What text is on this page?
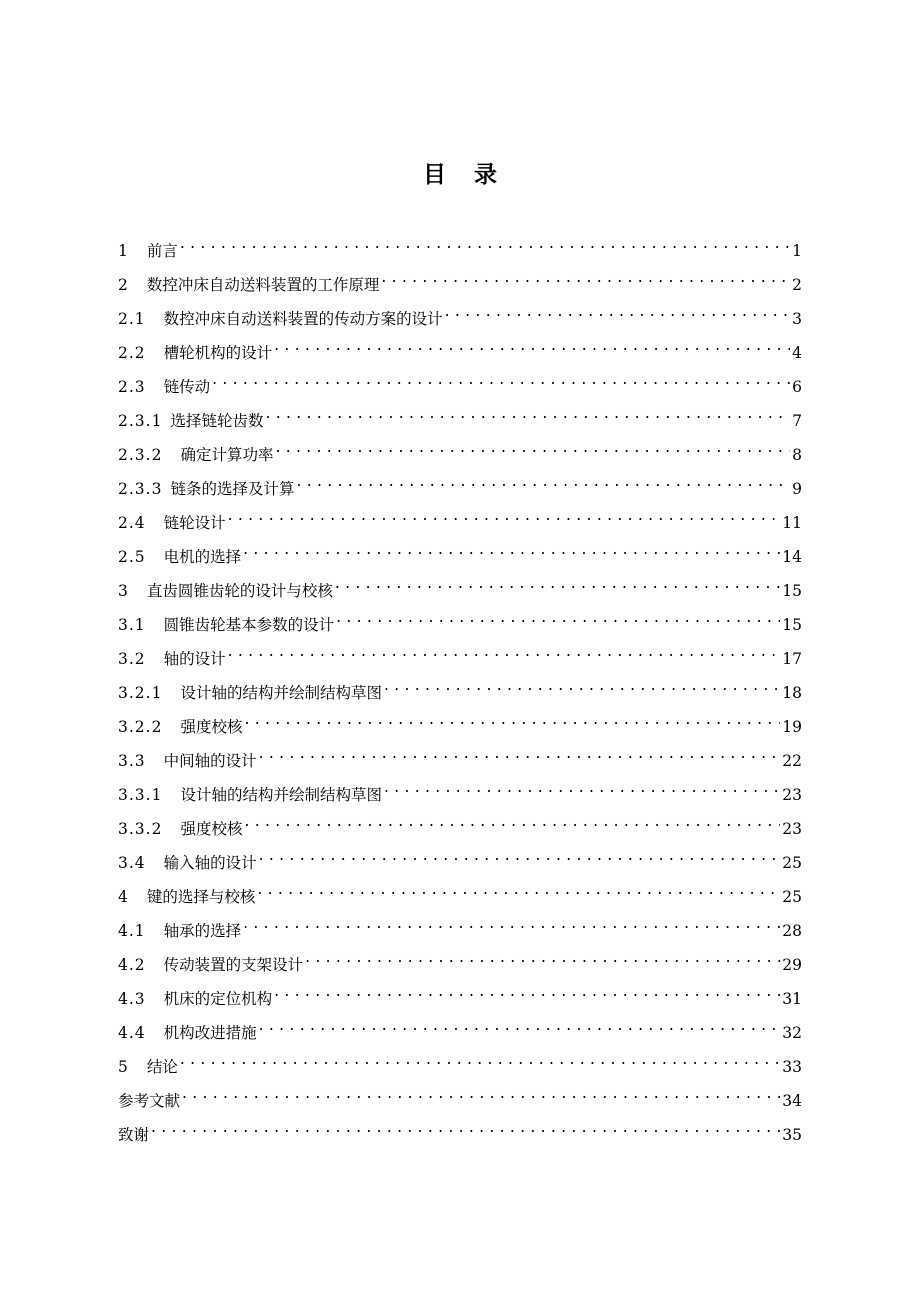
目 录
1	前言 . . .	1
2	数控冲床自动送料装置的工作原理 . . .	2
2.1	数控冲床自动送料装置的传动方案的设计 . . .	3
2.2	槽轮机构的设计 . . .	4
2.3	链传动 . . .	6
2.3.1 选择链轮齿数 . . .	7
2.3.2	确定计算功率 . . .	8
2.3.3 链条的选择及计算 . . .	9
2.4	链轮设计 . . .	11
2.5	电机的选择 . . .	14
3	直齿圆锥齿轮的设计与校核 . . .	15
3.1	圆锥齿轮基本参数的设计 . . .	15
3.2	轴的设计 . . .	17
3.2.1	设计轴的结构并绘制结构草图 . . .	18
3.2.2	强度校核 . . .	19
3.3	中间轴的设计 . . .	22
3.3.1	设计轴的结构并绘制结构草图 . . .	23
3.3.2	强度校核 . . .	23
3.4	输入轴的设计 . . .	25
4	键的选择与校核 . . .	25
4.1	轴承的选择 . . .	28
4.2	传动装置的支架设计 . . .	29
4.3	机床的定位机构 . . .	31
4.4	机构改进措施 . . .	32
5	结论 . . .	33
参考文献 . . .	34
致谢 . . .	35
